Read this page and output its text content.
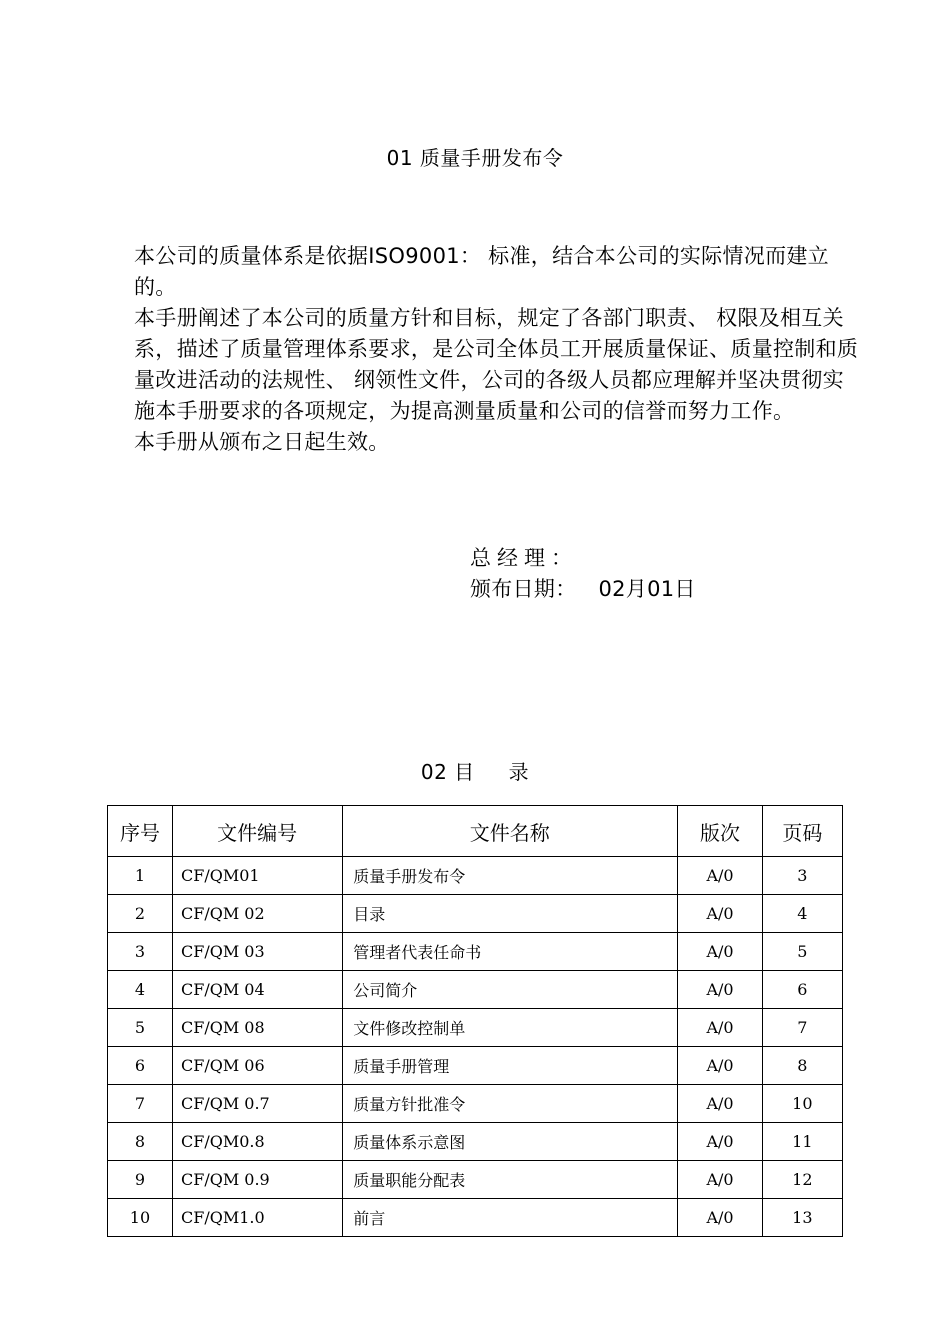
01 质量手册发布令

本公司的质量体系是依据ISO9001： 标准，结合本公司的实际情况而建立的。

本手册阐述了本公司的质量方针和目标，规定了各部门职责、 权限及相互关系，描述了质量管理体系要求，是公司全体员工开展质量保证、质量控制和质量改进活动的法规性、 纲领性文件，公司的各级人员都应理解并坚决贯彻实施本手册要求的各项规定，为提高测量质量和公司的信誉而努力工作。

本手册从颁布之日起生效。

总经理：
颁布日期： 02月01日
02 目 录
序号	文件编号	文件名称	版次	页码
1	CF/QM01	质量手册发布令	A/0	3
2	CF/QM 02	目录	A/0	4
3	CF/QM 03	管理者代表任命书	A/0	5
4	CF/QM 04	公司简介	A/0	6
5	CF/QM 08	文件修改控制单	A/0	7
6	CF/QM 06	质量手册管理	A/0	8
7	CF/QM 0.7	质量方针批准令	A/0	10
8	CF/QM0.8	质量体系示意图	A/0	11
9	CF/QM 0.9	质量职能分配表	A/0	12
10	CF/QM1.0	前言	A/0	13
